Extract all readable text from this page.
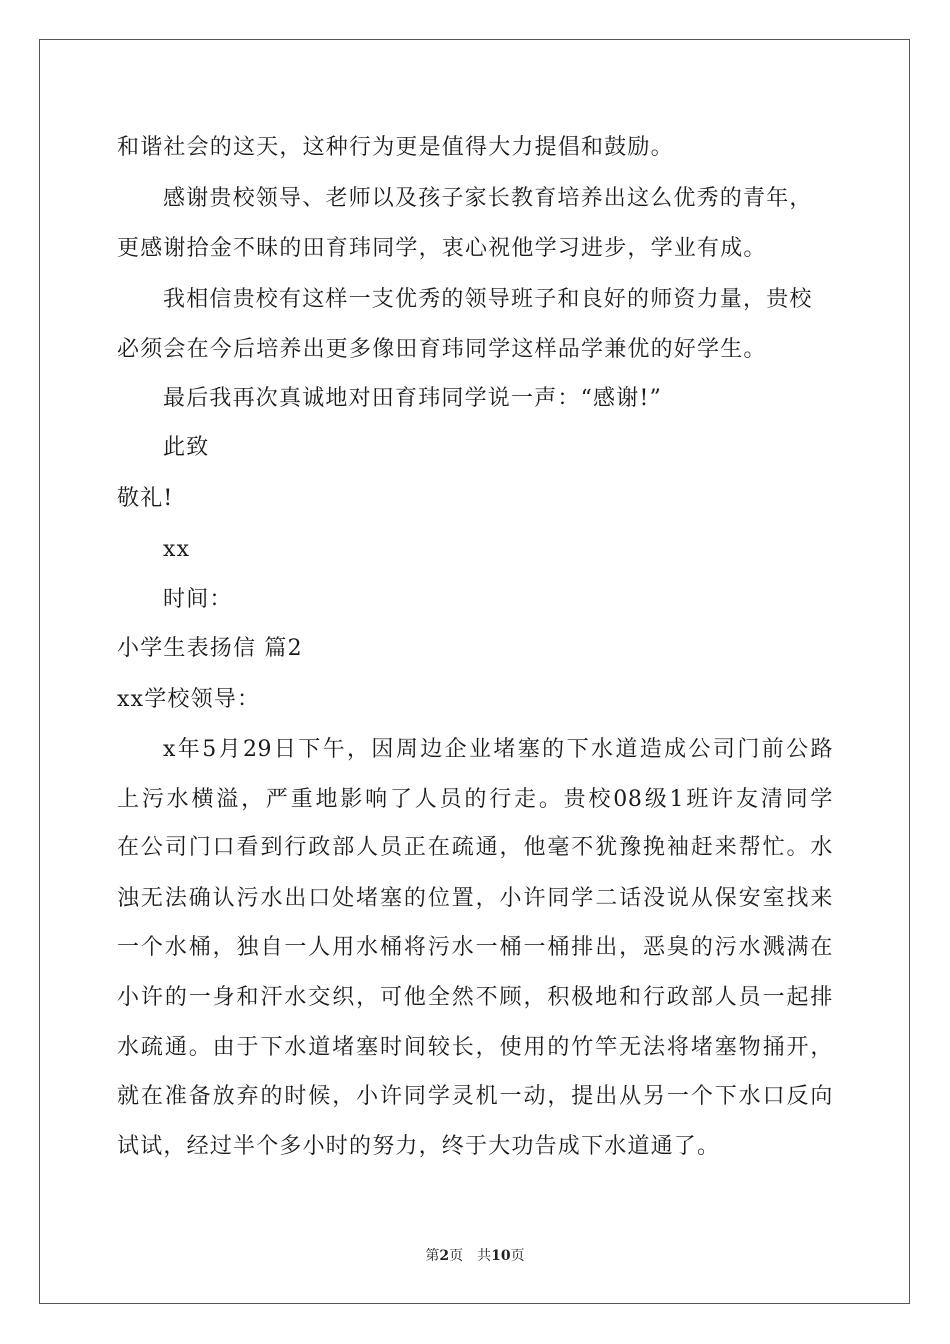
和谐社会的这天，这种行为更是值得大力提倡和鼓励。
感谢贵校领导、老师以及孩子家长教育培养出这么优秀的青年，
更感谢拾金不昧的田育玮同学，衷心祝他学习进步，学业有成。
我相信贵校有这样一支优秀的领导班子和良好的师资力量，贵校
必须会在今后培养出更多像田育玮同学这样品学兼优的好学生。
最后我再次真诚地对田育玮同学说一声：“感谢!”
此致
敬礼!
xx
时间：
小学生表扬信 篇2
xx学校领导：
x年5月29日下午，因周边企业堵塞的下水道造成公司门前公路
上污水横溢，严重地影响了人员的行走。贵校08级1班许友清同学
在公司门口看到行政部人员正在疏通，他毫不犹豫挽袖赶来帮忙。水
浊无法确认污水出口处堵塞的位置，小许同学二话没说从保安室找来
一个水桶，独自一人用水桶将污水一桶一桶排出，恶臭的污水溅满在
小许的一身和汗水交织，可他全然不顾，积极地和行政部人员一起排
水疏通。由于下水道堵塞时间较长，使用的竹竿无法将堵塞物捅开，
就在准备放弃的时候，小许同学灵机一动，提出从另一个下水口反向
试试，经过半个多小时的努力，终于大功告成下水道通了。
第2页 共10页
